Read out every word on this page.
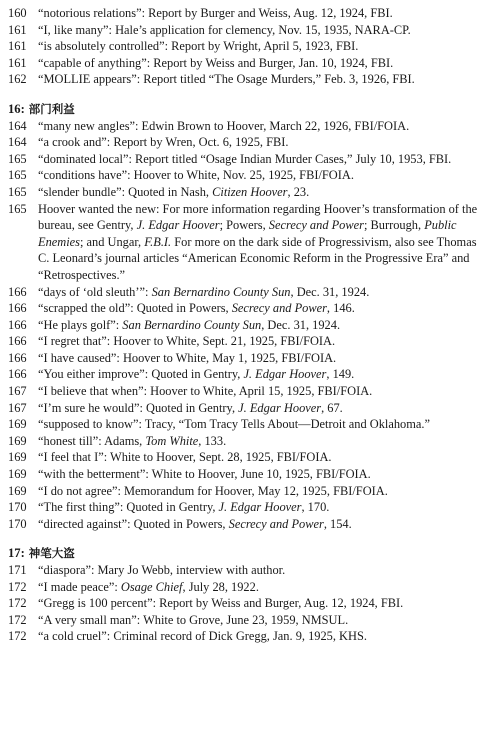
160 “notorious relations”: Report by Burger and Weiss, Aug. 12, 1924, FBI.
161 “I, like many”: Hale’s application for clemency, Nov. 15, 1935, NARA-CP.
161 “is absolutely controlled”: Report by Wright, April 5, 1923, FBI.
161 “capable of anything”: Report by Weiss and Burger, Jan. 10, 1924, FBI.
162 “MOLLIE appears”: Report titled “The Osage Murders,” Feb. 3, 1926, FBI.
16: 部门利益
164 “many new angles”: Edwin Brown to Hoover, March 22, 1926, FBI/FOIA.
164 “a crook and”: Report by Wren, Oct. 6, 1925, FBI.
165 “dominated local”: Report titled “Osage Indian Murder Cases,” July 10, 1953, FBI.
165 “conditions have”: Hoover to White, Nov. 25, 1925, FBI/FOIA.
165 “slender bundle”: Quoted in Nash, Citizen Hoover, 23.
165 Hoover wanted the new: For more information regarding Hoover’s transformation of the bureau, see Gentry, J. Edgar Hoover; Powers, Secrecy and Power; Burrough, Public Enemies; and Ungar, F.B.I. For more on the dark side of Progressivism, also see Thomas C. Leonard’s journal articles “American Economic Reform in the Progressive Era” and “Retrospectives.”
166 “days of ‘old sleuth’”: San Bernardino County Sun, Dec. 31, 1924.
166 “scrapped the old”: Quoted in Powers, Secrecy and Power, 146.
166 “He plays golf”: San Bernardino County Sun, Dec. 31, 1924.
166 “I regret that”: Hoover to White, Sept. 21, 1925, FBI/FOIA.
166 “I have caused”: Hoover to White, May 1, 1925, FBI/FOIA.
166 “You either improve”: Quoted in Gentry, J. Edgar Hoover, 149.
167 “I believe that when”: Hoover to White, April 15, 1925, FBI/FOIA.
167 “I’m sure he would”: Quoted in Gentry, J. Edgar Hoover, 67.
169 “supposed to know”: Tracy, “Tom Tracy Tells About—Detroit and Oklahoma.”
169 “honest till”: Adams, Tom White, 133.
169 “I feel that I”: White to Hoover, Sept. 28, 1925, FBI/FOIA.
169 “with the betterment”: White to Hoover, June 10, 1925, FBI/FOIA.
169 “I do not agree”: Memorandum for Hoover, May 12, 1925, FBI/FOIA.
170 “The first thing”: Quoted in Gentry, J. Edgar Hoover, 170.
170 “directed against”: Quoted in Powers, Secrecy and Power, 154.
17: 神笔大盗
171 “diaspora”: Mary Jo Webb, interview with author.
172 “I made peace”: Osage Chief, July 28, 1922.
172 “Gregg is 100 percent”: Report by Weiss and Burger, Aug. 12, 1924, FBI.
172 “A very small man”: White to Grove, June 23, 1959, NMSUL.
172 “a cold cruel”: Criminal record of Dick Gregg, Jan. 9, 1925, KHS.
